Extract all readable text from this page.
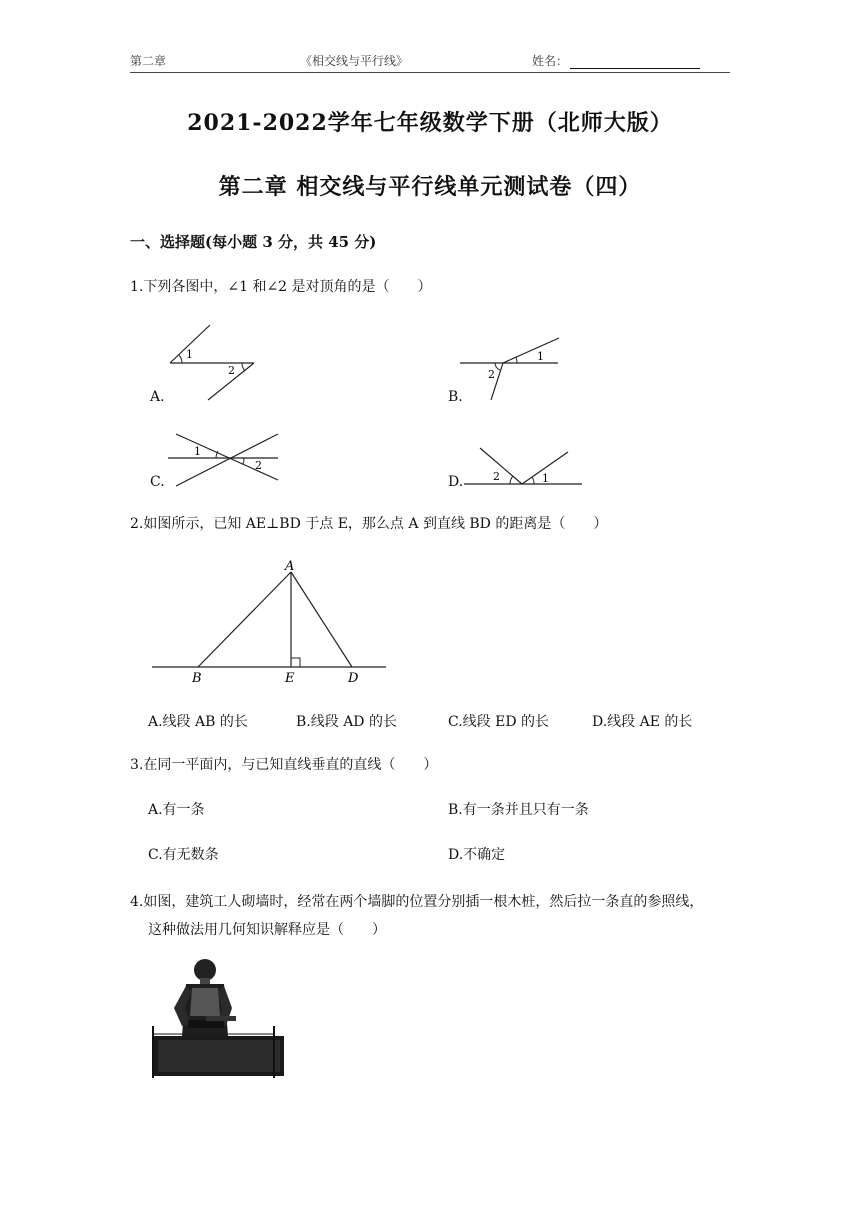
第二章	《相交线与平行线》	姓名：
2021-2022学年七年级数学下册（北师大版）
第二章 相交线与平行线单元测试卷（四）
一、选择题(每小题 3 分，共 45 分)
1.下列各图中，∠1 和∠2 是对顶角的是（　　）
1
2
A.
1
2
B.
1
2
C.	2	1
D.
2.如图所示，已知 AE⊥BD 于点 E，那么点 A 到直线 BD 的距离是（　　）
A
B	E	D
A.线段 AB 的长	B.线段 AD 的长	C.线段 ED 的长	D.线段 AE 的长
3.在同一平面内，与已知直线垂直的直线（　　）
A.有一条	B.有一条并且只有一条
C.有无数条	D.不确定
4.如图，建筑工人砌墙时，经常在两个墙脚的位置分别插一根木桩，然后拉一条直的参照线，
这种做法用几何知识解释应是（　　）
